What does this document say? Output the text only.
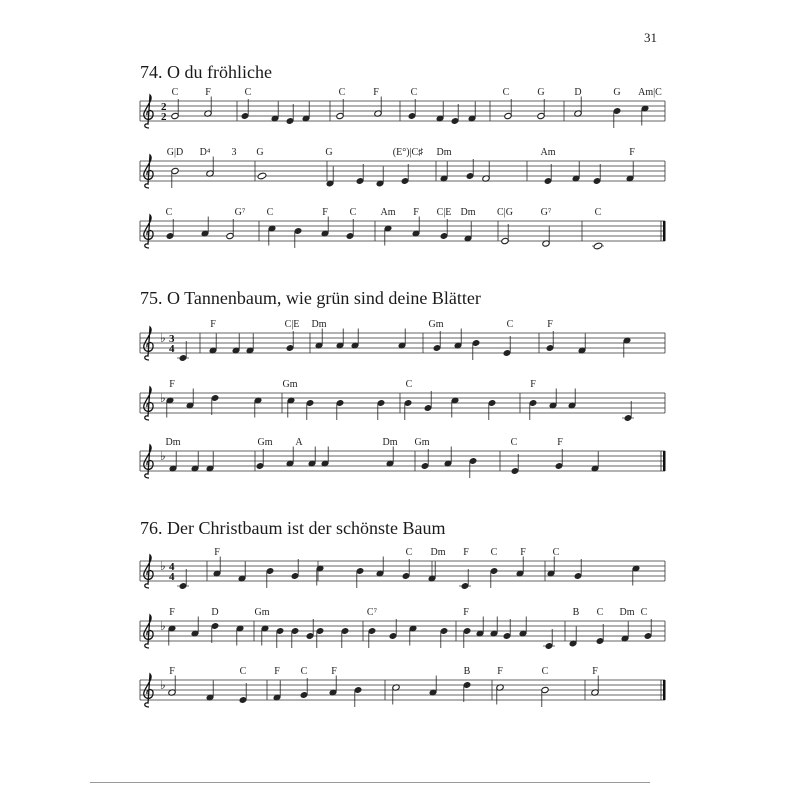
31
74. O du fröhliche
75. O Tannenbaum, wie grün sind deine Blätter
76. Der Christbaum ist der schönste Baum
2
2
♭ 3
4
♭
♭
♭ 4
4
♭
♭
C	F	C	C	F	C	C	G	D	G Am|C
G|D D⁴ 3 G	G	(E°)|C♯ Dm	Am	F
C	G⁷ C	F C Am F C|E Dm C|G	G⁷	C
F	C|E Dm	Gm	C	F
F	Gm	C	F
Dm	Gm A	Dm Gm	C	F
F	C Dm F C F	C
F	D	Gm	C⁷	F	B C Dm C
F	C	F C F	B	F	C	F
